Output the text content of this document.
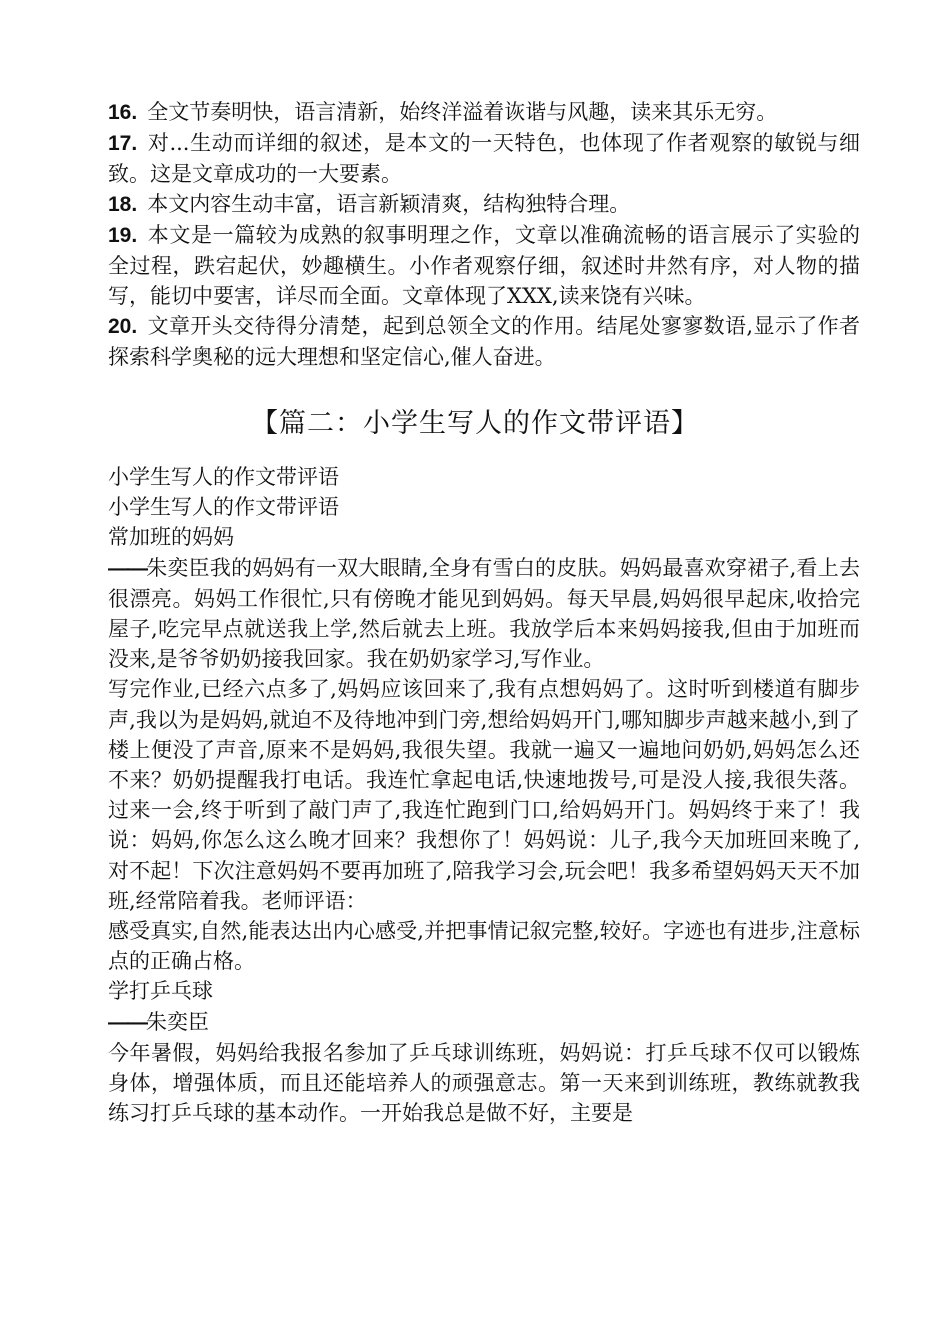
16. 全文节奏明快，语言清新，始终洋溢着诙谐与风趣，读来其乐无穷。

17. 对...生动而详细的叙述，是本文的一天特色，也体现了作者观察的敏锐与细致。这是文章成功的一大要素。

18. 本文内容生动丰富，语言新颖清爽，结构独特合理。

19. 本文是一篇较为成熟的叙事明理之作，文章以准确流畅的语言展示了实验的全过程，跌宕起伏，妙趣横生。小作者观察仔细，叙述时井然有序，对人物的描写，能切中要害，详尽而全面。文章体现了XXX,读来饶有兴味。

20. 文章开头交待得分清楚，起到总领全文的作用。结尾处寥寥数语,显示了作者探索科学奥秘的远大理想和坚定信心,催人奋进。

【篇二：小学生写人的作文带评语】

小学生写人的作文带评语

小学生写人的作文带评语

常加班的妈妈

——朱奕臣我的妈妈有一双大眼睛,全身有雪白的皮肤。妈妈最喜欢穿裙子,看上去很漂亮。妈妈工作很忙,只有傍晚才能见到妈妈。每天早晨,妈妈很早起床,收拾完屋子,吃完早点就送我上学,然后就去上班。我放学后本来妈妈接我,但由于加班而没来,是爷爷奶奶接我回家。我在奶奶家学习,写作业。

写完作业,已经六点多了,妈妈应该回来了,我有点想妈妈了。这时听到楼道有脚步声,我以为是妈妈,就迫不及待地冲到门旁,想给妈妈开门,哪知脚步声越来越小,到了楼上便没了声音,原来不是妈妈,我很失望。我就一遍又一遍地问奶奶,妈妈怎么还不来？奶奶提醒我打电话。我连忙拿起电话,快速地拨号,可是没人接,我很失落。过来一会,终于听到了敲门声了,我连忙跑到门口,给妈妈开门。妈妈终于来了！我说：妈妈,你怎么这么晚才回来？我想你了！妈妈说：儿子,我今天加班回来晚了,对不起！下次注意妈妈不要再加班了,陪我学习会,玩会吧！我多希望妈妈天天不加班,经常陪着我。老师评语：

感受真实,自然,能表达出内心感受,并把事情记叙完整,较好。字迹也有进步,注意标点的正确占格。

学打乒乓球

——朱奕臣

今年暑假，妈妈给我报名参加了乒乓球训练班，妈妈说：打乒乓球不仅可以锻炼身体，增强体质，而且还能培养人的顽强意志。第一天来到训练班，教练就教我练习打乒乓球的基本动作。一开始我总是做不好，主要是
